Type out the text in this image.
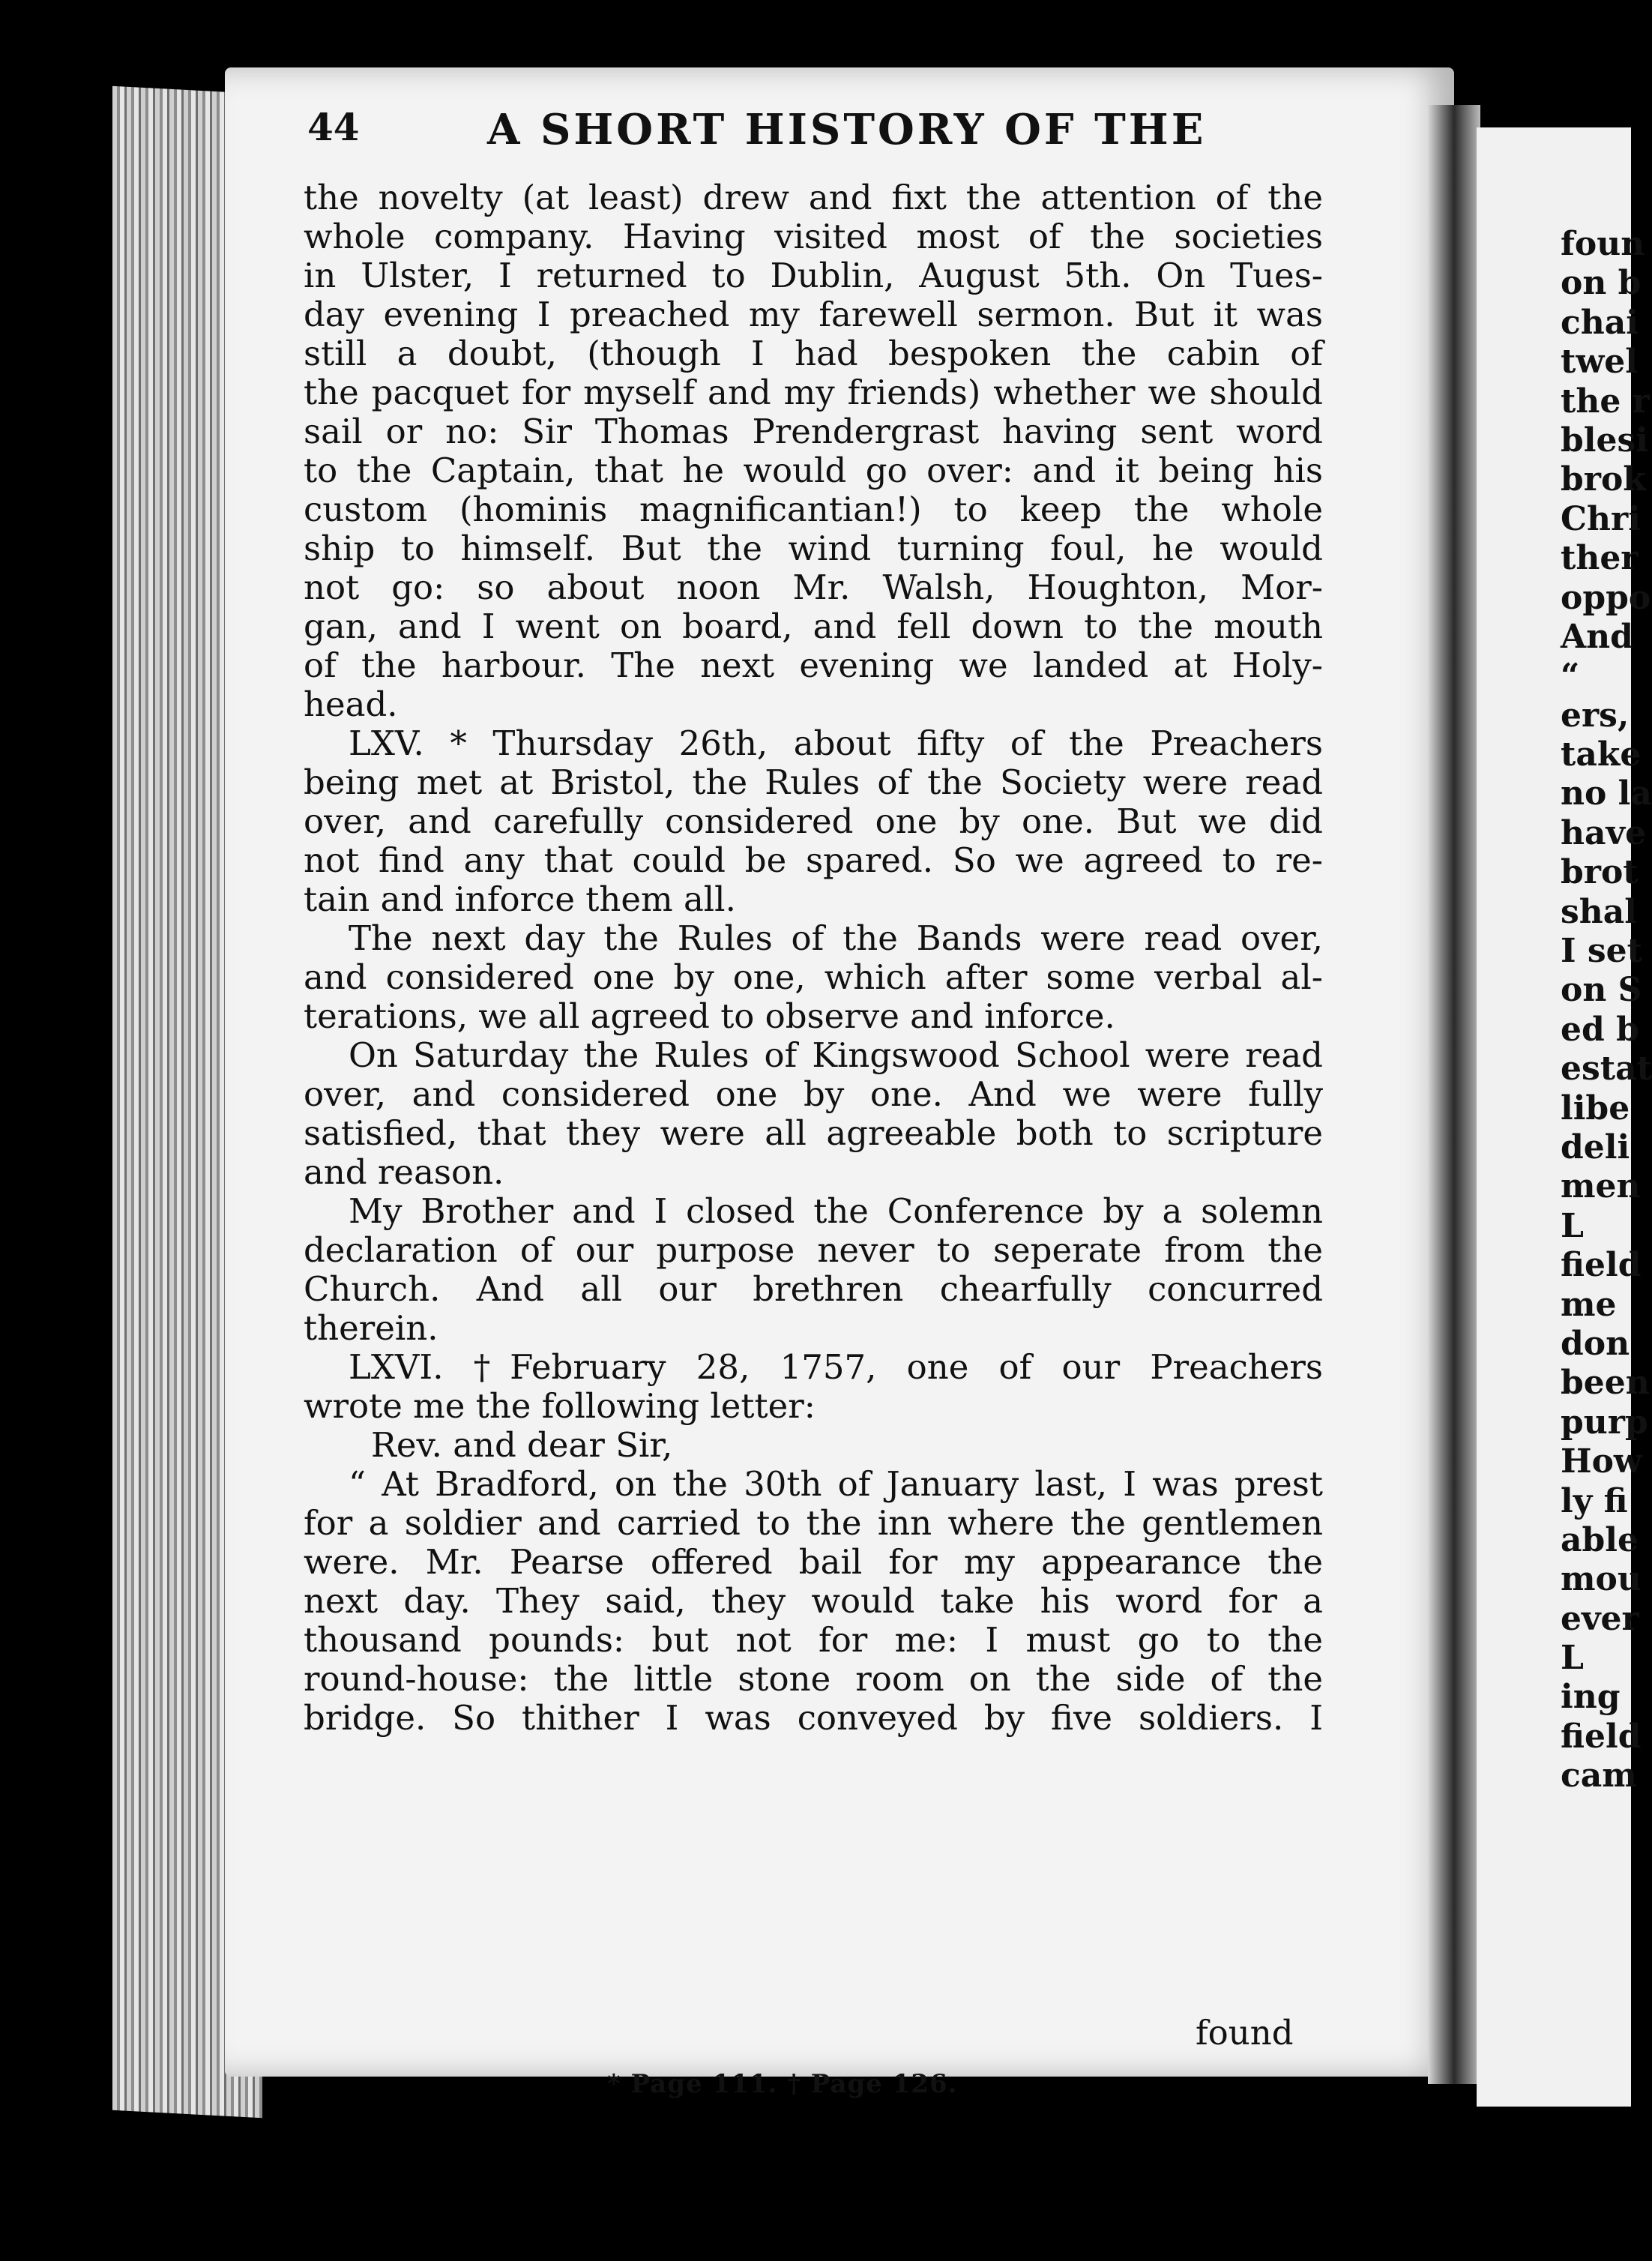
44	A SHORT HISTORY OF THE
the novelty (at least) drew and fixt the attention of the
whole company. Having visited most of the societies
in Ulster, I returned to Dublin, August 5th. On Tues-
day evening I preached my farewell sermon. But it was
still a doubt, (though I had bespoken the cabin of
the pacquet for myself and my friends) whether we should
sail or no: Sir Thomas Prendergrast having sent word
to the Captain, that he would go over: and it being his
custom (hominis magnificantian!) to keep the whole
ship to himself. But the wind turning foul, he would
not go: so about noon Mr. Walsh, Houghton, Mor-
gan, and I went on board, and fell down to the mouth
of the harbour. The next evening we landed at Holy-
head.
LXV. * Thursday 26th, about fifty of the Preachers
being met at Bristol, the Rules of the Society were read
over, and carefully considered one by one. But we did
not find any that could be spared. So we agreed to re-
tain and inforce them all.
The next day the Rules of the Bands were read over,
and considered one by one, which after some verbal al-
terations, we all agreed to observe and inforce.
On Saturday the Rules of Kingswood School were read
over, and considered one by one. And we were fully
satisfied, that they were all agreeable both to scripture
and reason.
My Brother and I closed the Conference by a solemn
declaration of our purpose never to seperate from the
Church. And all our brethren chearfully concurred
therein.
LXVI. †February 28, 1757, one of our Preachers
wrote me the following letter:
Rev. and dear Sir,
“ At Bradford, on the 30th of January last, I was prest
for a soldier and carried to the inn where the gentlemen
were. Mr. Pearse offered bail for my appearance the
next day. They said, they would take his word for a
thousand pounds: but not for me: I must go to the
round-house: the little stone room on the side of the
bridge. So thither I was conveyed by five soldiers. I
found
* Page 111. † Page 126.
foun
on b
chai
twel
the r
blesi
brok
Chri
ther
oppo
And
“
ers,
take
no la
have
brot
shal
I set
on S
ed b
estat
libe
deli
men
L
field
me
don
been
purp
How
ly fi
able
mou
ever
L
ing
field
cam
